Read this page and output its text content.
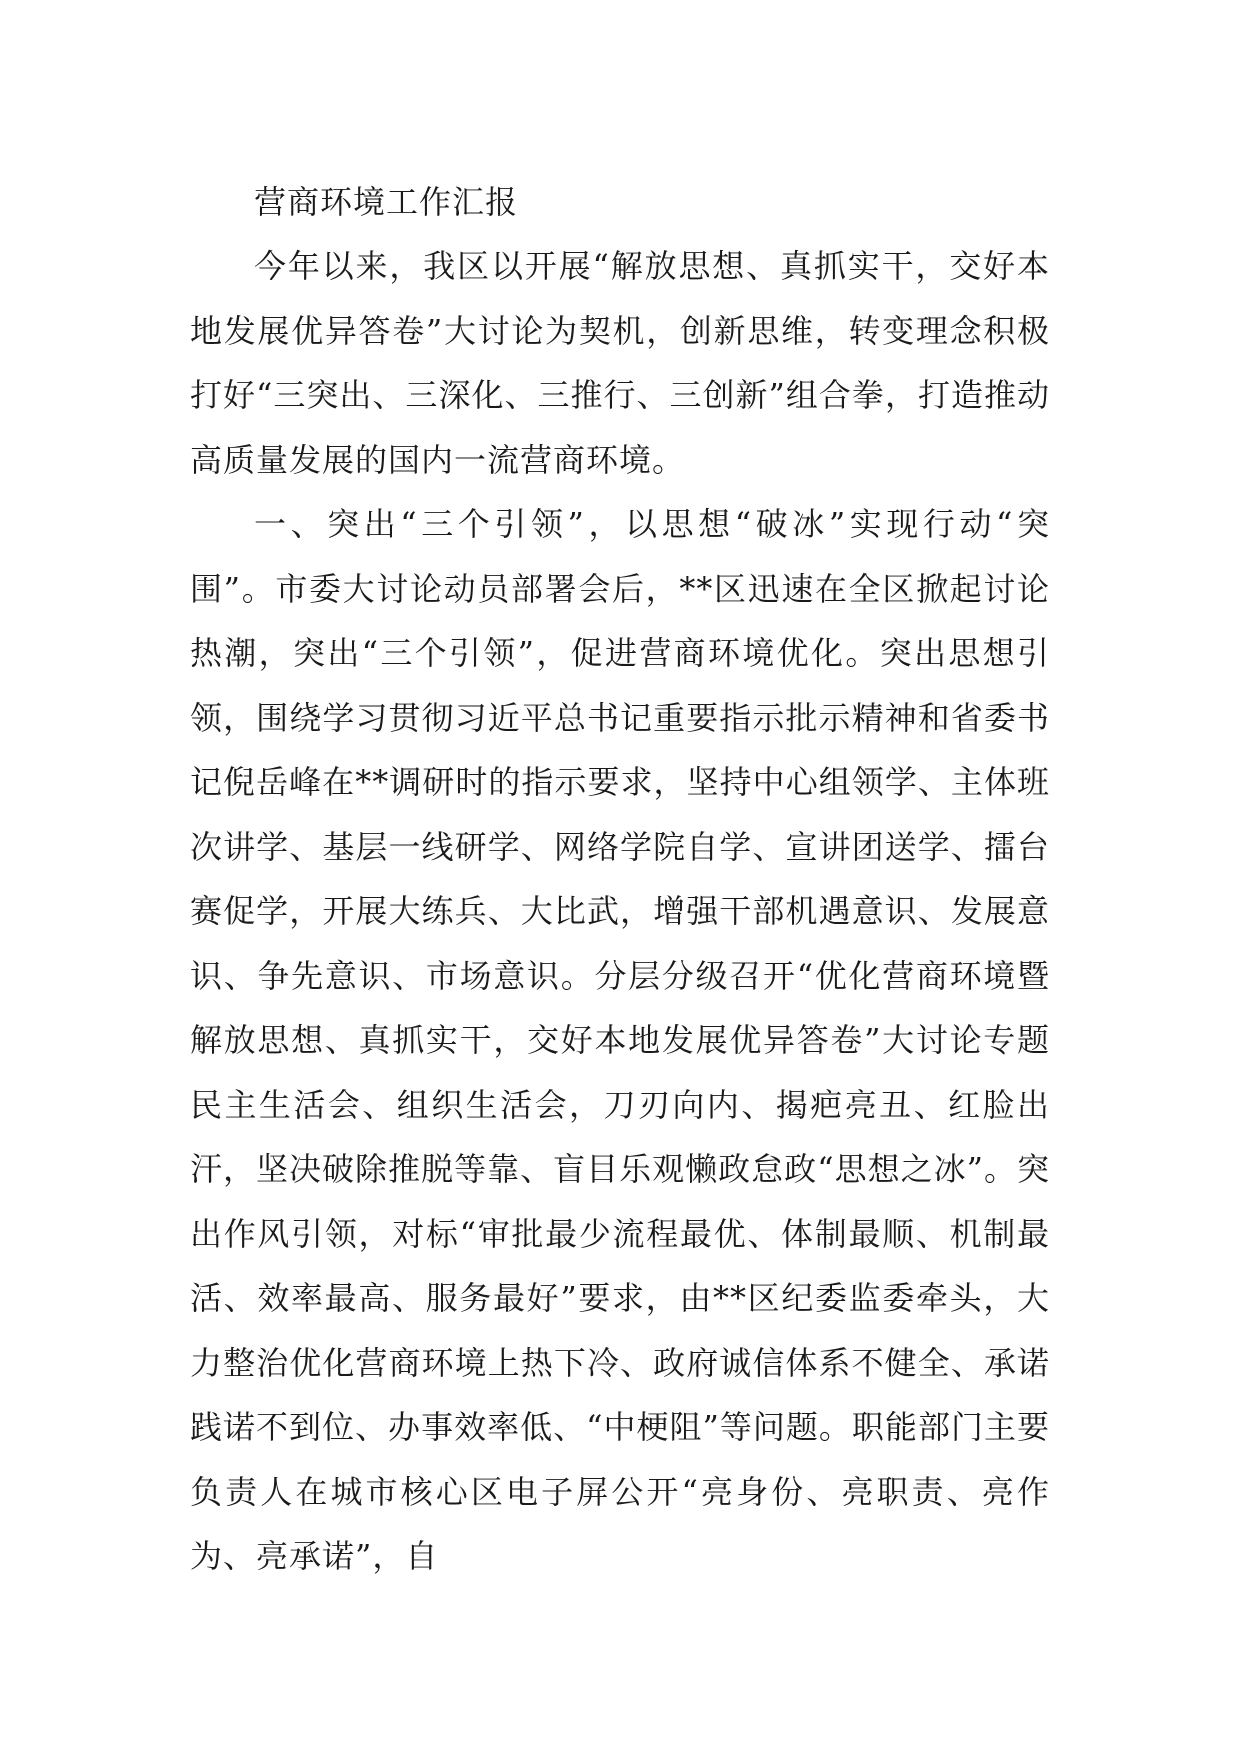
营商环境工作汇报

今年以来，我区以开展“解放思想、真抓实干，交好本地发展优异答卷”大讨论为契机，创新思维，转变理念积极打好“三突出、三深化、三推行、三创新”组合拳，打造推动高质量发展的国内一流营商环境。

一、突出“三个引领”，以思想“破冰”实现行动“突围”。市委大讨论动员部署会后，**区迅速在全区掀起讨论热潮，突出“三个引领”，促进营商环境优化。突出思想引领，围绕学习贯彻习近平总书记重要指示批示精神和省委书记倪岳峰在**调研时的指示要求，坚持中心组领学、主体班次讲学、基层一线研学、网络学院自学、宣讲团送学、擂台赛促学，开展大练兵、大比武，增强干部机遇意识、发展意识、争先意识、市场意识。分层分级召开“优化营商环境暨解放思想、真抓实干，交好本地发展优异答卷”大讨论专题民主生活会、组织生活会，刀刃向内、揭疤亮丑、红脸出汗，坚决破除推脱等靠、盲目乐观懒政怠政“思想之冰”。突出作风引领，对标“审批最少流程最优、体制最顺、机制最活、效率最高、服务最好”要求，由**区纪委监委牵头，大力整治优化营商环境上热下冷、政府诚信体系不健全、承诺践诺不到位、办事效率低、“中梗阻”等问题。职能部门主要负责人在城市核心区电子屏公开“亮身份、亮职责、亮作为、亮承诺”，自
